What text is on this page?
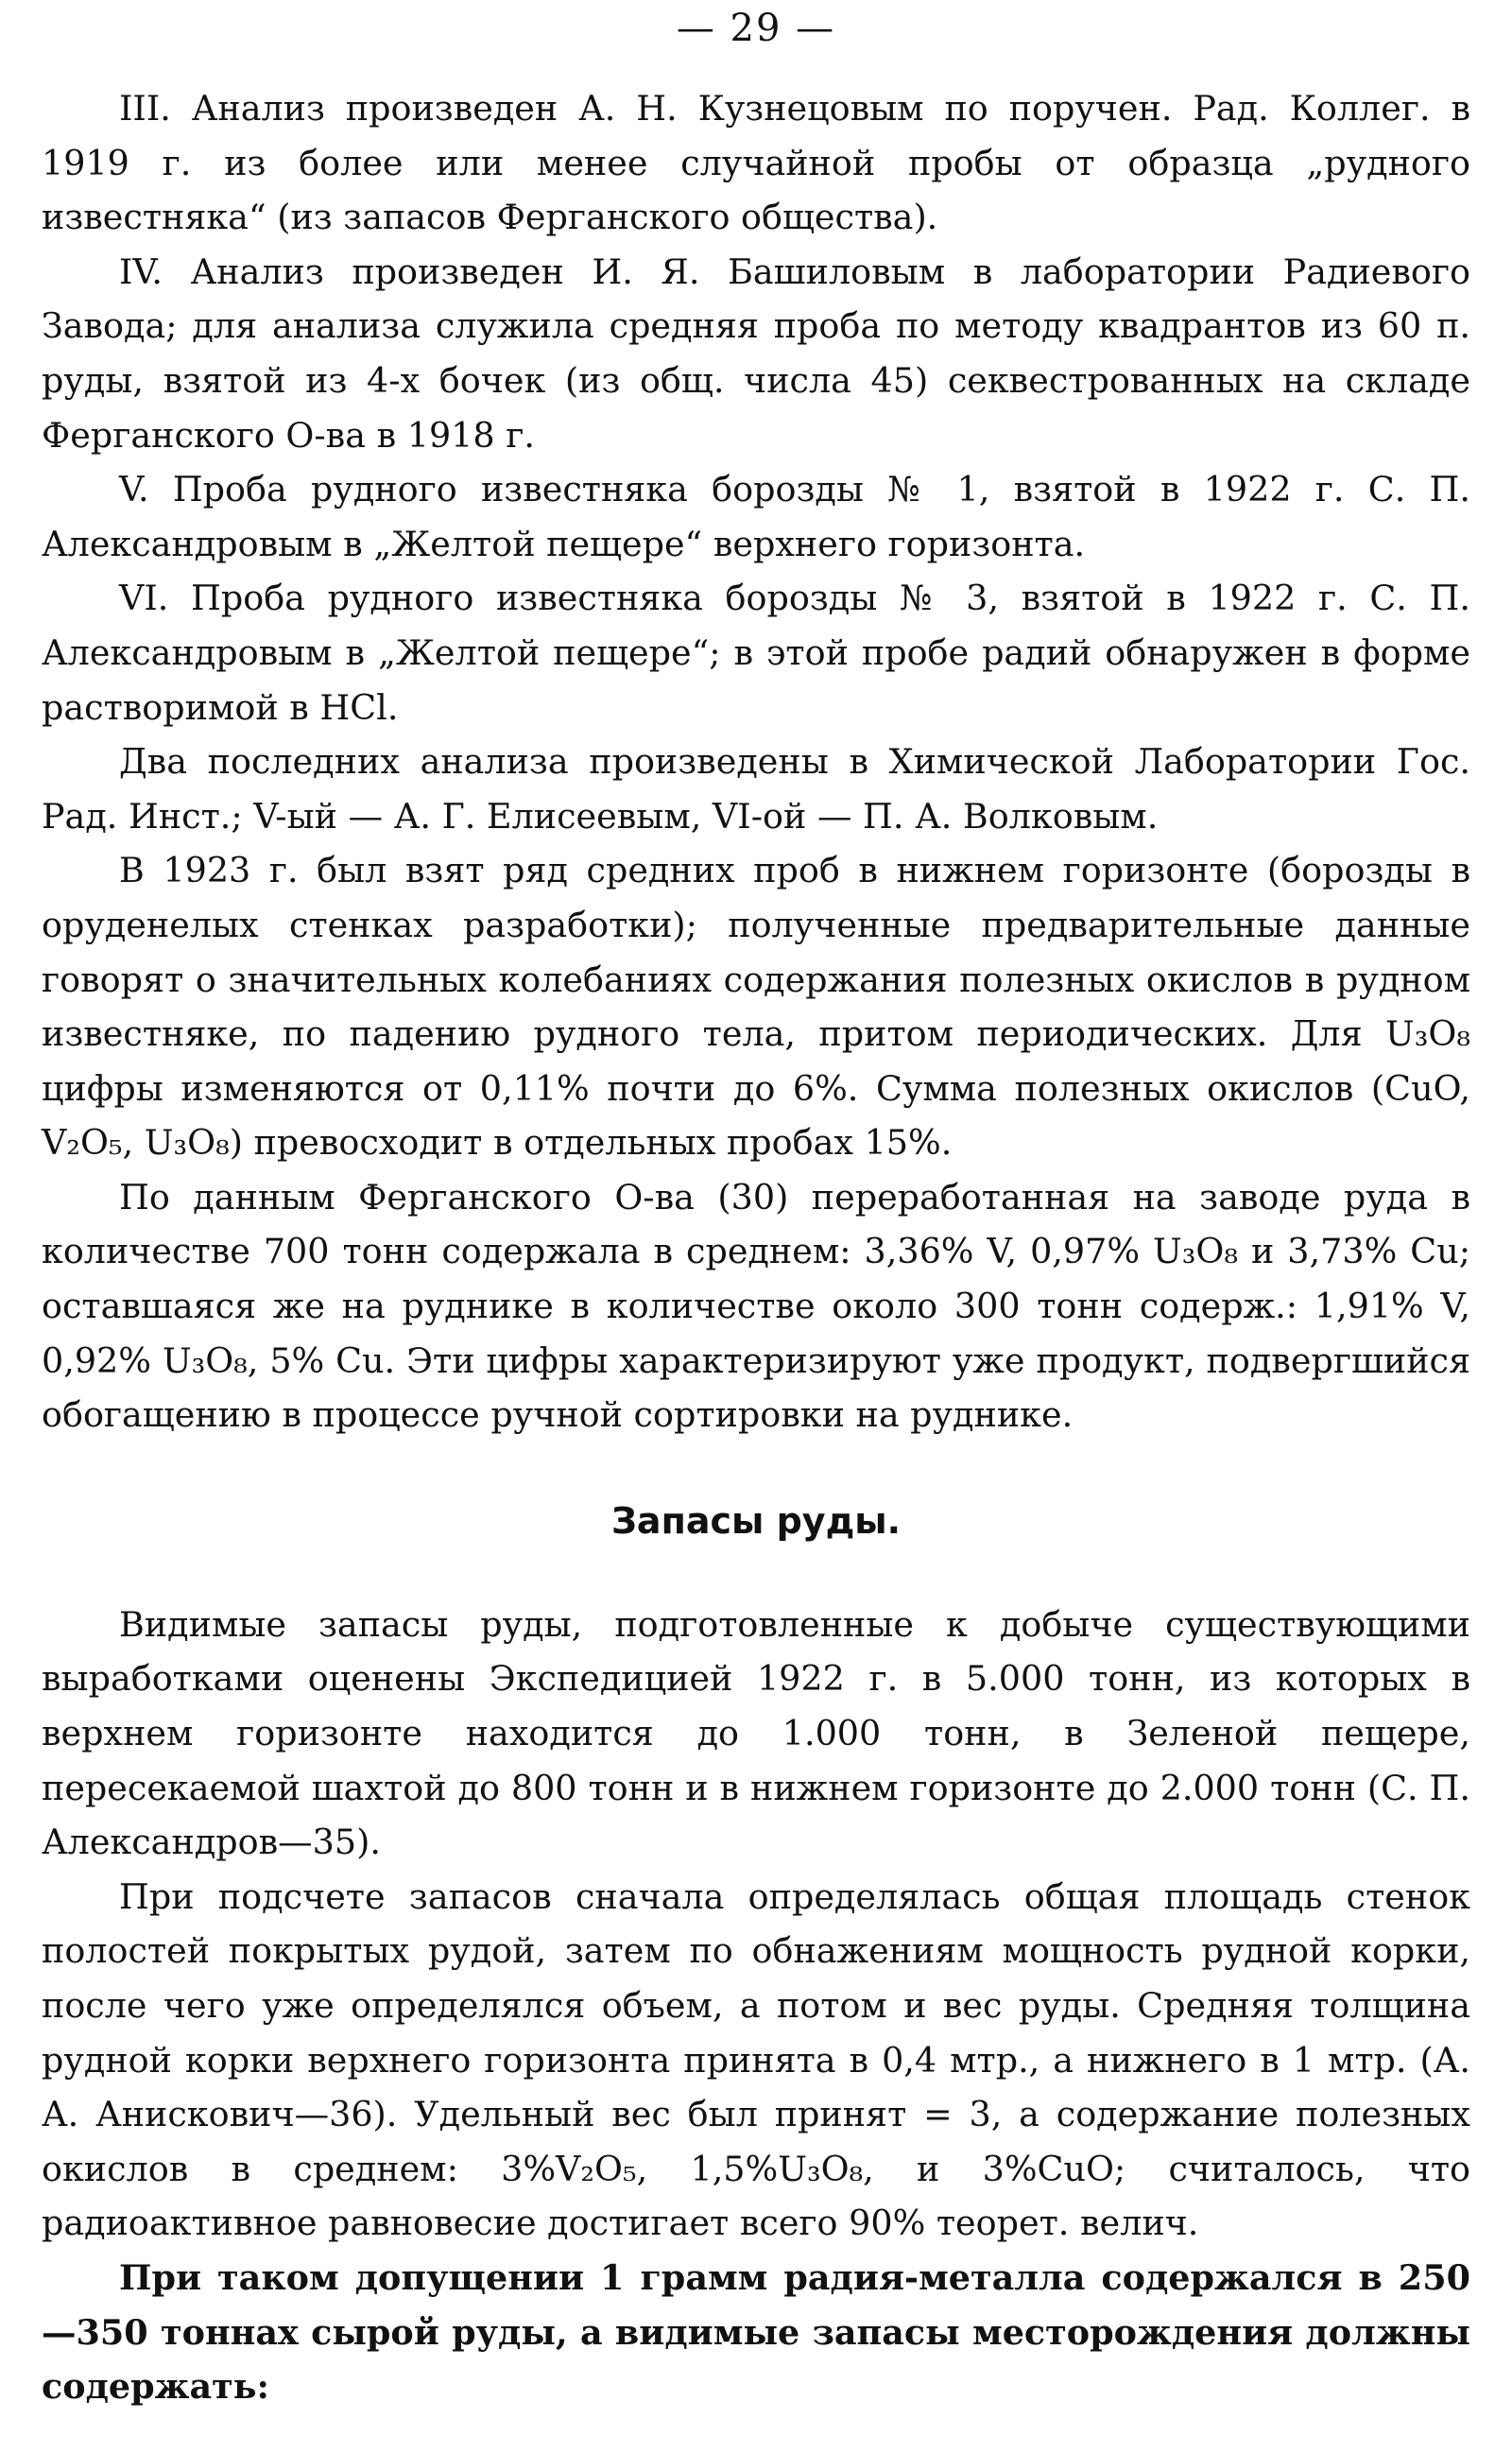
— 29 —

III. Анализ произведен А. Н. Кузнецовым по поручен. Рад. Коллег. в 1919 г. из более или менее случайной пробы от образца „рудного известняка“ (из запасов Ферганского общества).

IV. Анализ произведен И. Я. Башиловым в лаборатории Радиевого Завода; для анализа служила средняя проба по методу квадрантов из 60 п. руды, взятой из 4-х бочек (из общ. числа 45) секвестрованных на складе Ферганского О-ва в 1918 г.

V. Проба рудного известняка борозды № 1, взятой в 1922 г. С. П. Александровым в „Желтой пещере“ верхнего горизонта.

VI. Проба рудного известняка борозды № 3, взятой в 1922 г. С. П. Александровым в „Желтой пещере“; в этой пробе радий обнаружен в форме растворимой в HCl.

Два последних анализа произведены в Химической Лаборатории Гос. Рад. Инст.; V-ый — А. Г. Елисеевым, VI-ой — П. А. Волковым.

В 1923 г. был взят ряд средних проб в нижнем горизонте (борозды в оруденелых стенках разработки); полученные предварительные данные говорят о значительных колебаниях содержания полезных окислов в рудном известняке, по падению рудного тела, притом периодических. Для U₃O₈ цифры изменяются от 0,11% почти до 6%. Сумма полезных окислов (CuO, V₂O₅, U₃O₈) превосходит в отдельных пробах 15%.

По данным Ферганского О-ва (30) переработанная на заводе руда в количестве 700 тонн содержала в среднем: 3,36% V, 0,97% U₃O₈ и 3,73% Cu; оставшаяся же на руднике в количестве около 300 тонн содерж.: 1,91% V, 0,92% U₃O₈, 5% Cu. Эти цифры характеризируют уже продукт, подвергшийся обогащению в процессе ручной сортировки на руднике.

Запасы руды.

Видимые запасы руды, подготовленные к добыче существующими выработками оценены Экспедицией 1922 г. в 5.000 тонн, из которых в верхнем горизонте находится до 1.000 тонн, в Зеленой пещере, пересекаемой шахтой до 800 тонн и в нижнем горизонте до 2.000 тонн (С. П. Александров—35).

При подсчете запасов сначала определялась общая площадь стенок полостей покрытых рудой, затем по обнажениям мощность рудной корки, после чего уже определялся объем, а потом и вес руды. Средняя толщина рудной корки верхнего горизонта принята в 0,4 мтр., а нижнего в 1 мтр. (А. А. Анискович—36). Удельный вес был принят = 3, а содержание полезных окислов в среднем: 3%V₂O₅, 1,5%U₃O₈, и 3%CuO; считалось, что радиоактивное равновесие достигает всего 90% теорет. велич.

При таком допущении 1 грамм радия-металла содержался в 250—350 тоннах сырой руды, а видимые запасы месторождения должны содержать:
